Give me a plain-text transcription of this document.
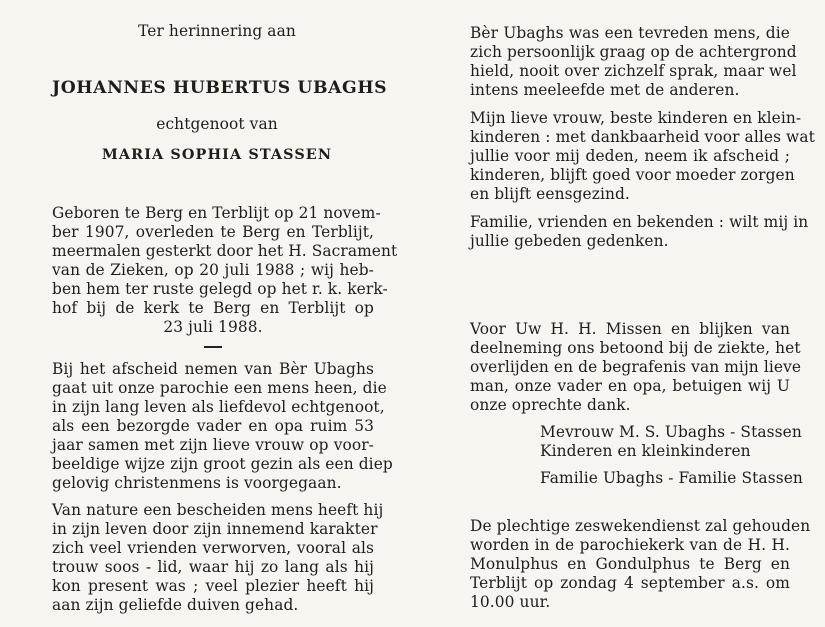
Ter herinnering aan
JOHANNES HUBERTUS UBAGHS
echtgenoot van
MARIA SOPHIA STASSEN
Geboren te Berg en Terblijt op 21 novem-
ber 1907, overleden te Berg en Terblijt,
meermalen gesterkt door het H. Sacrament
van de Zieken, op 20 juli 1988 ; wij heb-
ben hem ter ruste gelegd op het r. k. kerk-
hof bij de kerk te Berg en Terblijt op
23 juli 1988.
Bij het afscheid nemen van Bèr Ubaghs
gaat uit onze parochie een mens heen, die
in zijn lang leven als liefdevol echtgenoot,
als een bezorgde vader en opa ruim 53
jaar samen met zijn lieve vrouw op voor-
beeldige wijze zijn groot gezin als een diep
gelovig christenmens is voorgegaan.
Van nature een bescheiden mens heeft hij
in zijn leven door zijn innemend karakter
zich veel vrienden verworven, vooral als
trouw soos - lid, waar hij zo lang als hij
kon present was ; veel plezier heeft hij
aan zijn geliefde duiven gehad.
Bèr Ubaghs was een tevreden mens, die
zich persoonlijk graag op de achtergrond
hield, nooit over zichzelf sprak, maar wel
intens meeleefde met de anderen.
Mijn lieve vrouw, beste kinderen en klein-
kinderen : met dankbaarheid voor alles wat
jullie voor mij deden, neem ik afscheid ;
kinderen, blijft goed voor moeder zorgen
en blijft eensgezind.
Familie, vrienden en bekenden : wilt mij in
jullie gebeden gedenken.
Voor Uw H. H. Missen en blijken van
deelneming ons betoond bij de ziekte, het
overlijden en de begrafenis van mijn lieve
man, onze vader en opa, betuigen wij U
onze oprechte dank.
Mevrouw M. S. Ubaghs - Stassen
Kinderen en kleinkinderen
Familie Ubaghs - Familie Stassen
De plechtige zeswekendienst zal gehouden
worden in de parochiekerk van de H. H.
Monulphus en Gondulphus te Berg en
Terblijt op zondag 4 september a.s. om
10.00 uur.
